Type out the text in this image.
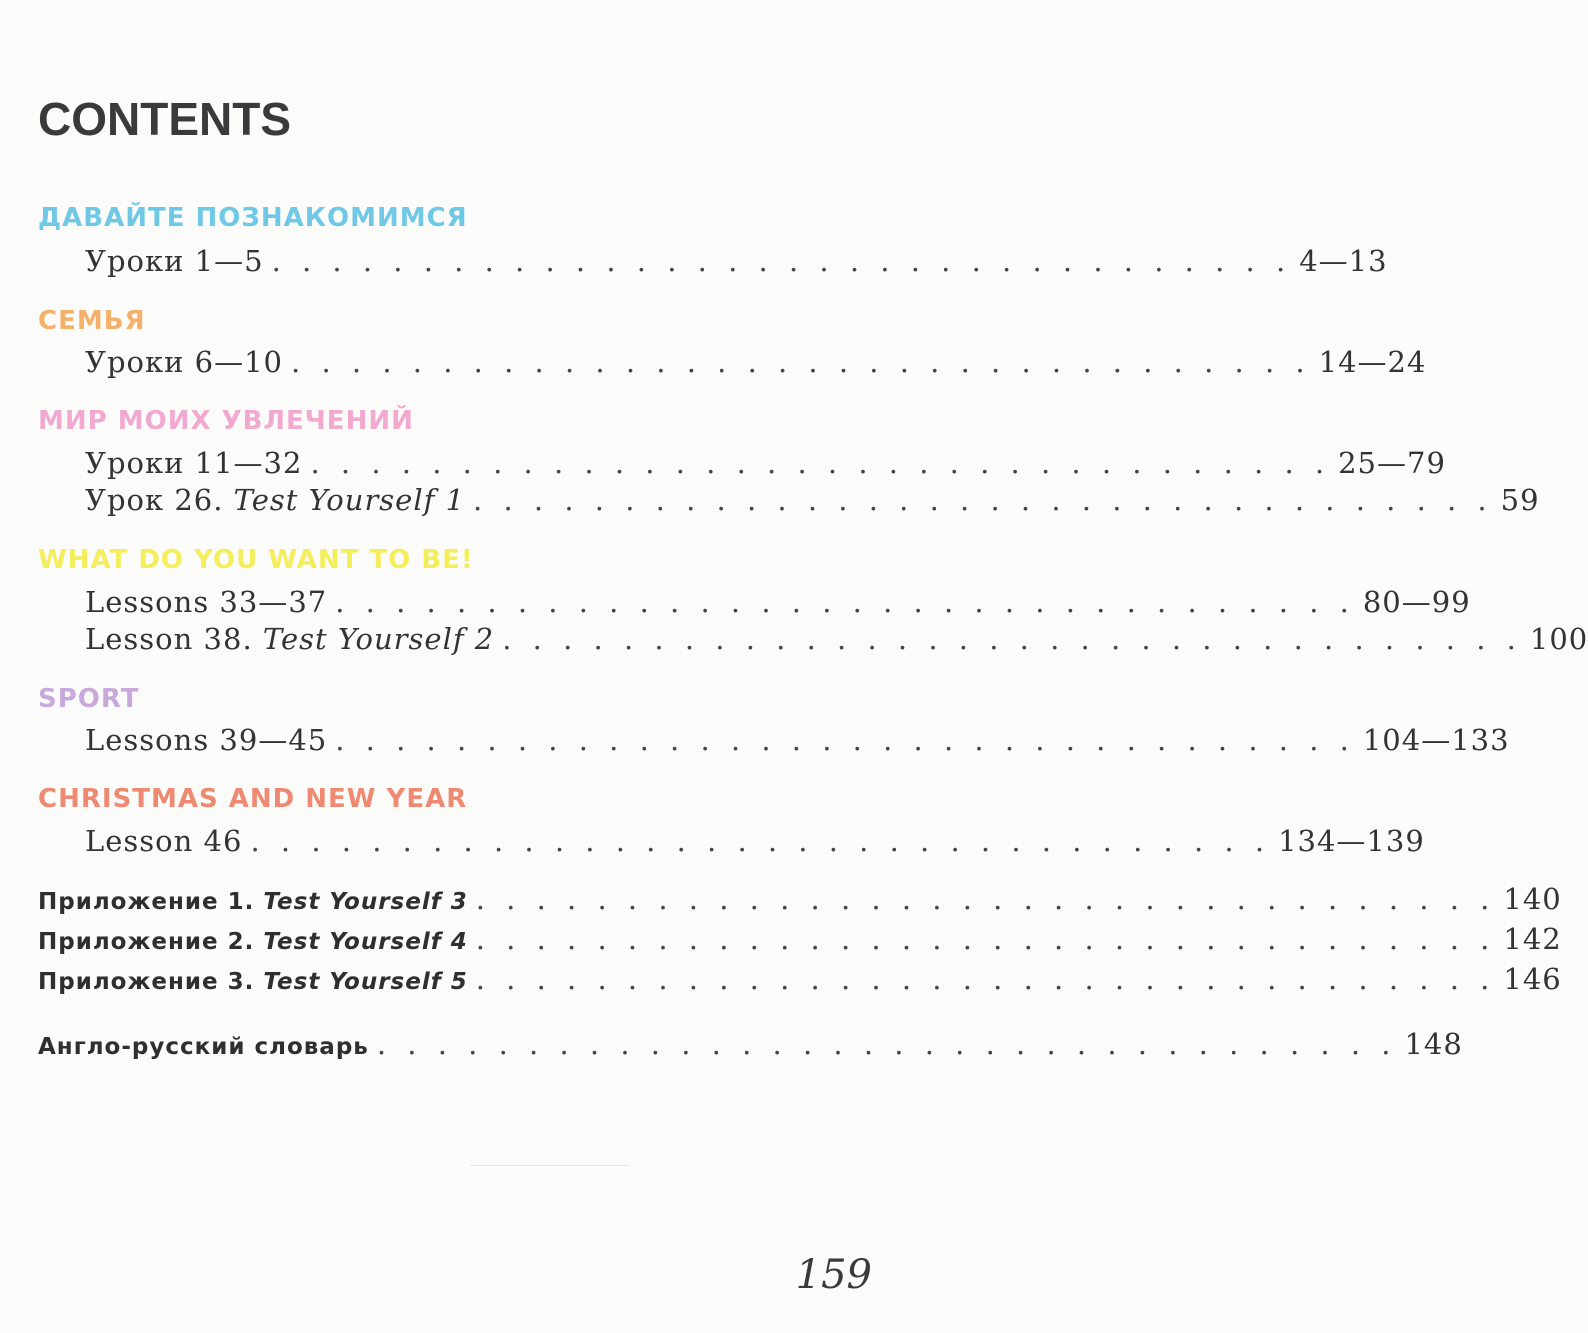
CONTENTS
ДАВАЙТЕ ПОЗНАКОМИМСЯ
Уроки 1—5 . . . . . . . . . . . . . . . . . . . . . . . . . . . . . . . . . . 4—13
СЕМЬЯ
Уроки 6—10 . . . . . . . . . . . . . . . . . . . . . . . . . . . . . . . . . . 14—24
МИР МОИХ УВЛЕЧЕНИЙ
Уроки 11—32 . . . . . . . . . . . . . . . . . . . . . . . . . . . . . . . . . . 25—79
Урок 26. Test Yourself 1 . . . . . . . . . . . . . . . . . . . . . . . . . . . . . . . . . . 59
WHAT DO YOU WANT TO BE!
Lessons 33—37 . . . . . . . . . . . . . . . . . . . . . . . . . . . . . . . . . . 80—99
Lesson 38. Test Yourself 2 . . . . . . . . . . . . . . . . . . . . . . . . . . . . . . . . . . 100
SPORT
Lessons 39—45 . . . . . . . . . . . . . . . . . . . . . . . . . . . . . . . . . . 104—133
CHRISTMAS AND NEW YEAR
Lesson 46 . . . . . . . . . . . . . . . . . . . . . . . . . . . . . . . . . . 134—139
Приложение 1. Test Yourself 3 . . . . . . . . . . . . . . . . . . . . . . . . . . . . . . . . . . 140
Приложение 2. Test Yourself 4 . . . . . . . . . . . . . . . . . . . . . . . . . . . . . . . . . . 142
Приложение 3. Test Yourself 5 . . . . . . . . . . . . . . . . . . . . . . . . . . . . . . . . . . 146
Англо-русский словарь . . . . . . . . . . . . . . . . . . . . . . . . . . . . . . . . . . 148
159
